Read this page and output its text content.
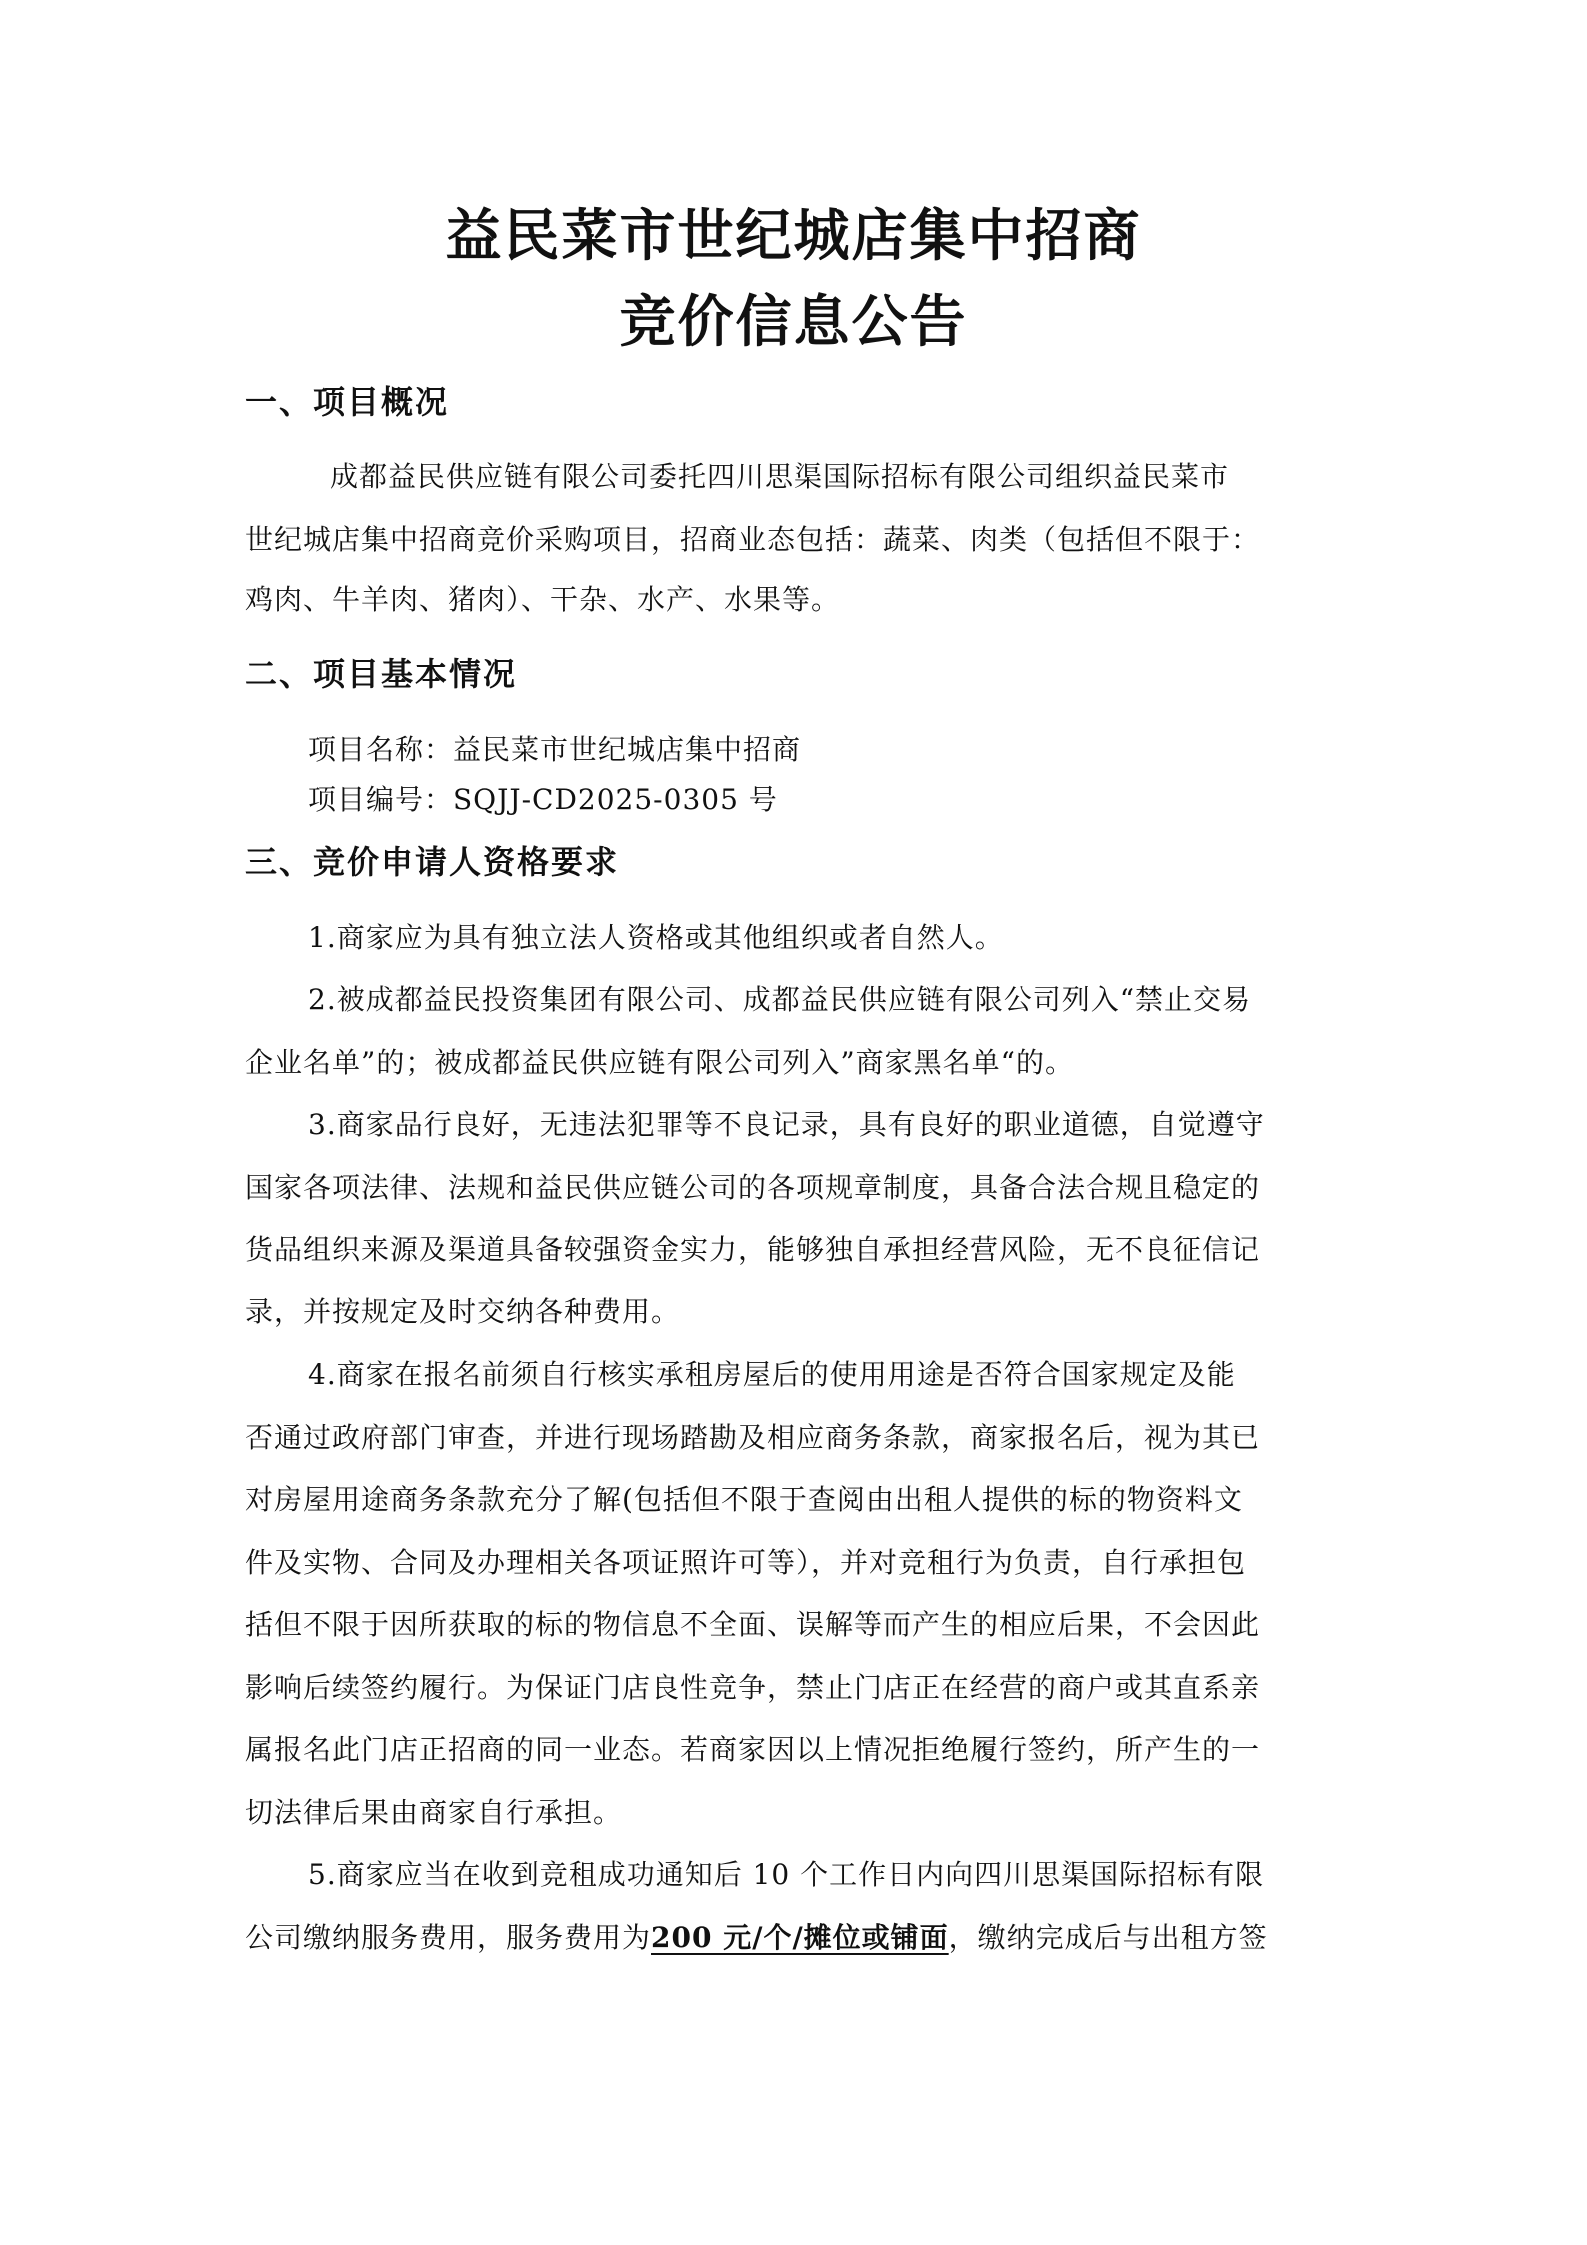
益民菜市世纪城店集中招商
竞价信息公告
一、项目概况
成都益民供应链有限公司委托四川思渠国际招标有限公司组织益民菜市
世纪城店集中招商竞价采购项目，招商业态包括：蔬菜、肉类（包括但不限于：
鸡肉、牛羊肉、猪肉）、干杂、水产、水果等。
二、项目基本情况
项目名称：益民菜市世纪城店集中招商
项目编号：SQJJ-CD2025-0305 号
三、竞价申请人资格要求
1.商家应为具有独立法人资格或其他组织或者自然人。
2.被成都益民投资集团有限公司、成都益民供应链有限公司列入“禁止交易
企业名单”的；被成都益民供应链有限公司列入”商家黑名单“的。
3.商家品行良好，无违法犯罪等不良记录，具有良好的职业道德，自觉遵守
国家各项法律、法规和益民供应链公司的各项规章制度，具备合法合规且稳定的
货品组织来源及渠道具备较强资金实力，能够独自承担经营风险，无不良征信记
录，并按规定及时交纳各种费用。
4.商家在报名前须自行核实承租房屋后的使用用途是否符合国家规定及能
否通过政府部门审查，并进行现场踏勘及相应商务条款，商家报名后，视为其已
对房屋用途商务条款充分了解(包括但不限于查阅由出租人提供的标的物资料文
件及实物、合同及办理相关各项证照许可等），并对竞租行为负责，自行承担包
括但不限于因所获取的标的物信息不全面、误解等而产生的相应后果，不会因此
影响后续签约履行。为保证门店良性竞争，禁止门店正在经营的商户或其直系亲
属报名此门店正招商的同一业态。若商家因以上情况拒绝履行签约，所产生的一
切法律后果由商家自行承担。
5.商家应当在收到竞租成功通知后 10 个工作日内向四川思渠国际招标有限
公司缴纳服务费用，服务费用为200 元/个/摊位或铺面，缴纳完成后与出租方签
